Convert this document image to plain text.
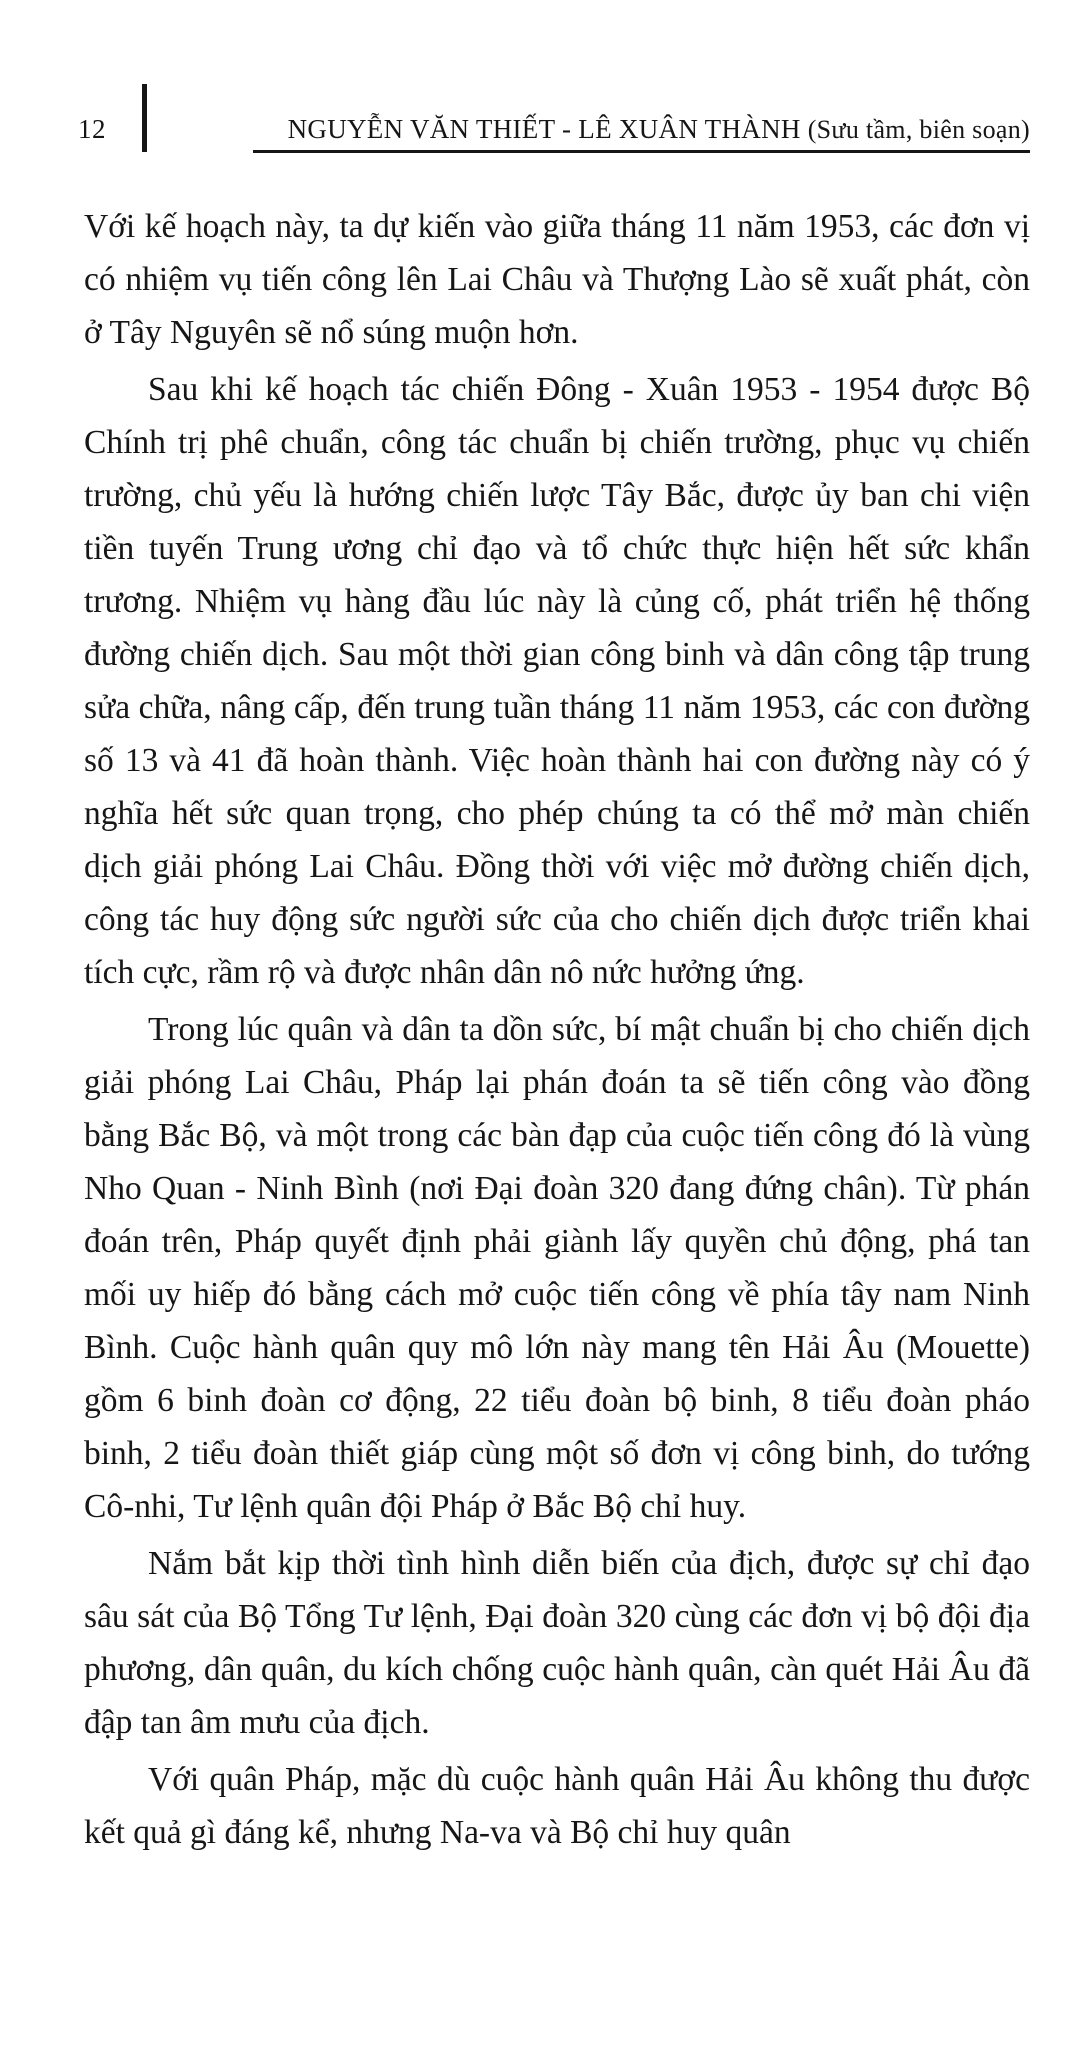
12	NGUYỄN VĂN THIẾT - LÊ XUÂN THÀNH (Sưu tầm, biên soạn)

Với kế hoạch này, ta dự kiến vào giữa tháng 11 năm 1953, các đơn vị có nhiệm vụ tiến công lên Lai Châu và Thượng Lào sẽ xuất phát, còn ở Tây Nguyên sẽ nổ súng muộn hơn.

Sau khi kế hoạch tác chiến Đông - Xuân 1953 - 1954 được Bộ Chính trị phê chuẩn, công tác chuẩn bị chiến trường, phục vụ chiến trường, chủ yếu là hướng chiến lược Tây Bắc, được ủy ban chi viện tiền tuyến Trung ương chỉ đạo và tổ chức thực hiện hết sức khẩn trương. Nhiệm vụ hàng đầu lúc này là củng cố, phát triển hệ thống đường chiến dịch. Sau một thời gian công binh và dân công tập trung sửa chữa, nâng cấp, đến trung tuần tháng 11 năm 1953, các con đường số 13 và 41 đã hoàn thành. Việc hoàn thành hai con đường này có ý nghĩa hết sức quan trọng, cho phép chúng ta có thể mở màn chiến dịch giải phóng Lai Châu. Đồng thời với việc mở đường chiến dịch, công tác huy động sức người sức của cho chiến dịch được triển khai tích cực, rầm rộ và được nhân dân nô nức hưởng ứng.

Trong lúc quân và dân ta dồn sức, bí mật chuẩn bị cho chiến dịch giải phóng Lai Châu, Pháp lại phán đoán ta sẽ tiến công vào đồng bằng Bắc Bộ, và một trong các bàn đạp của cuộc tiến công đó là vùng Nho Quan - Ninh Bình (nơi Đại đoàn 320 đang đứng chân). Từ phán đoán trên, Pháp quyết định phải giành lấy quyền chủ động, phá tan mối uy hiếp đó bằng cách mở cuộc tiến công về phía tây nam Ninh Bình. Cuộc hành quân quy mô lớn này mang tên Hải Âu (Mouette) gồm 6 binh đoàn cơ động, 22 tiểu đoàn bộ binh, 8 tiểu đoàn pháo binh, 2 tiểu đoàn thiết giáp cùng một số đơn vị công binh, do tướng Cô-nhi, Tư lệnh quân đội Pháp ở Bắc Bộ chỉ huy.

Nắm bắt kịp thời tình hình diễn biến của địch, được sự chỉ đạo sâu sát của Bộ Tổng Tư lệnh, Đại đoàn 320 cùng các đơn vị bộ đội địa phương, dân quân, du kích chống cuộc hành quân, càn quét Hải Âu đã đập tan âm mưu của địch.

Với quân Pháp, mặc dù cuộc hành quân Hải Âu không thu được kết quả gì đáng kể, nhưng Na-va và Bộ chỉ huy quân
